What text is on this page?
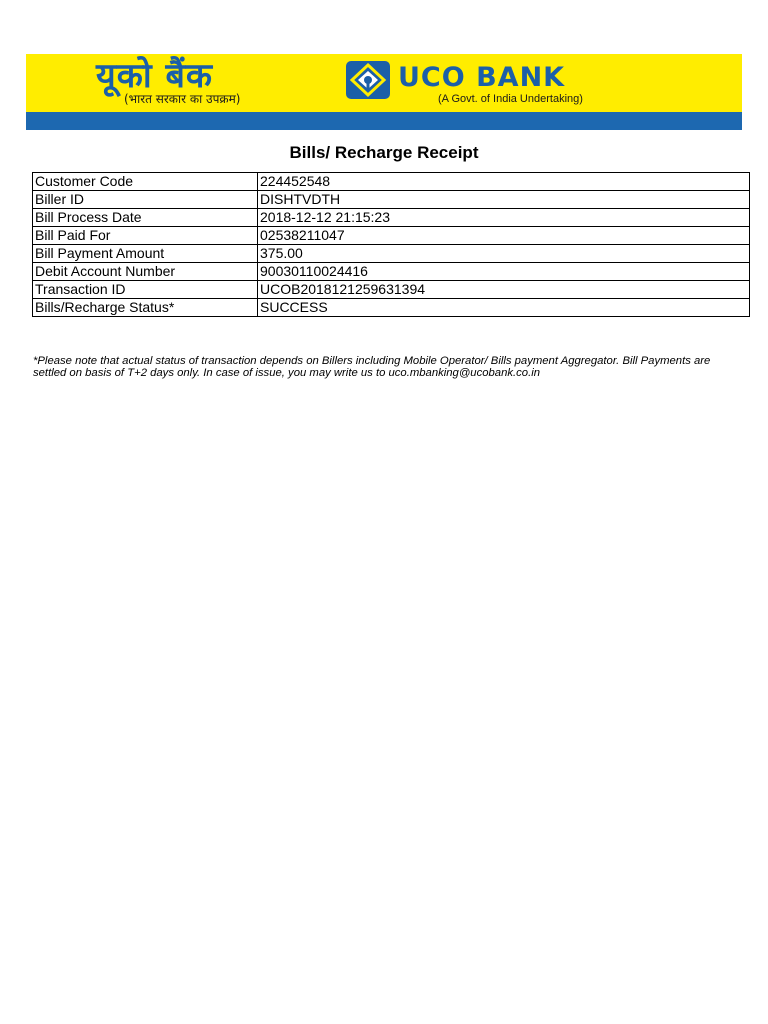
यूको बैंक
(भारत सरकार का उपक्रम)
UCO BANK
(A Govt. of India Undertaking)
सम्मान आपके विश्वास का	Honours Your Trust
Bills/ Recharge Receipt
Customer Code	224452548
Biller ID	DISHTVDTH
Bill Process Date	2018-12-12 21:15:23
Bill Paid For	02538211047
Bill Payment Amount	375.00
Debit Account Number	90030110024416
Transaction ID	UCOB2018121259631394
Bills/Recharge Status*	SUCCESS
*Please note that actual status of transaction depends on Billers including Mobile Operator/ Bills payment Aggregator. Bill Payments are settled on basis of T+2 days only. In case of issue, you may write us to uco.mbanking@ucobank.co.in
